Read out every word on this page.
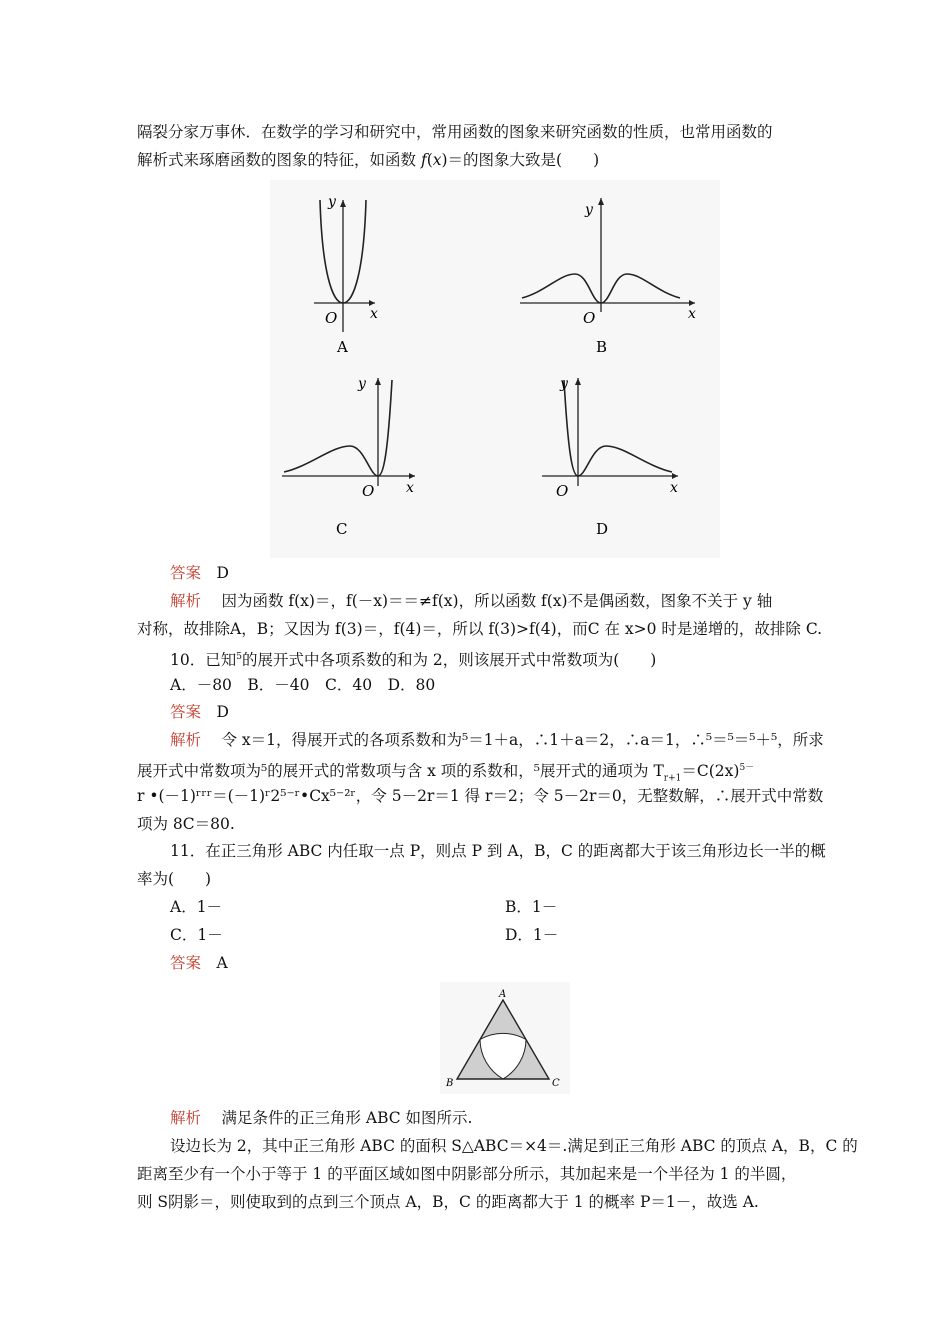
隔裂分家万事休．在数学的学习和研究中，常用函数的图象来研究函数的性质，也常用函数的
解析式来琢磨函数的图象的特征，如函数 f(x)＝的图象大致是(　　)
y
x
O
A
y
x
O
B
y
x
O
C
y
x
O
D
答案　 D
解析　 因为函数 f(x)＝，f(－x)＝＝≠f(x)，所以函数 f(x)不是偶函数，图象不关于 y 轴
对称，故排除A，B；又因为 f(3)＝，f(4)＝，所以 f(3)>f(4)，而C 在 x>0 时是递增的，故排除 C.
10．已知$^5$的展开式中各项系数的和为 2，则该展开式中常数项为(　　)
A．－80　B．－40　C．40　D．80
答案　 D
解析　 令 x＝1，得展开式的各项系数和为⁵＝1＋a，∴1＋a＝2，∴a＝1，∴⁵＝⁵＝⁵＋⁵，所求
展开式中常数项为⁵的展开式的常数项与含 x 项的系数和，⁵展开式的通项为 $T_{r+1}=C(2x)^{5-}$
r •(－1)ʳʳʳ＝(－1)ʳ2⁵⁻ʳ•Cx⁵⁻²ʳ，令 5－2r＝1 得 r＝2；令 5－2r＝0，无整数解，∴展开式中常数
项为 8C＝80.
11．在正三角形 ABC 内任取一点 P，则点 P 到 A，B，C 的距离都大于该三角形边长一半的概
率为(　　)
A．1－	B．1－
C．1－	D．1－
答案　 A
A
B	C
解析　 满足条件的正三角形 ABC 如图所示.
设边长为 2，其中正三角形 ABC 的面积 S△ABC＝×4＝.满足到正三角形 ABC 的顶点 A，B，C 的
距离至少有一个小于等于 1 的平面区域如图中阴影部分所示，其加起来是一个半径为 1 的半圆，
则 S阴影＝，则使取到的点到三个顶点 A，B，C 的距离都大于 1 的概率 P＝1－，故选 A.
